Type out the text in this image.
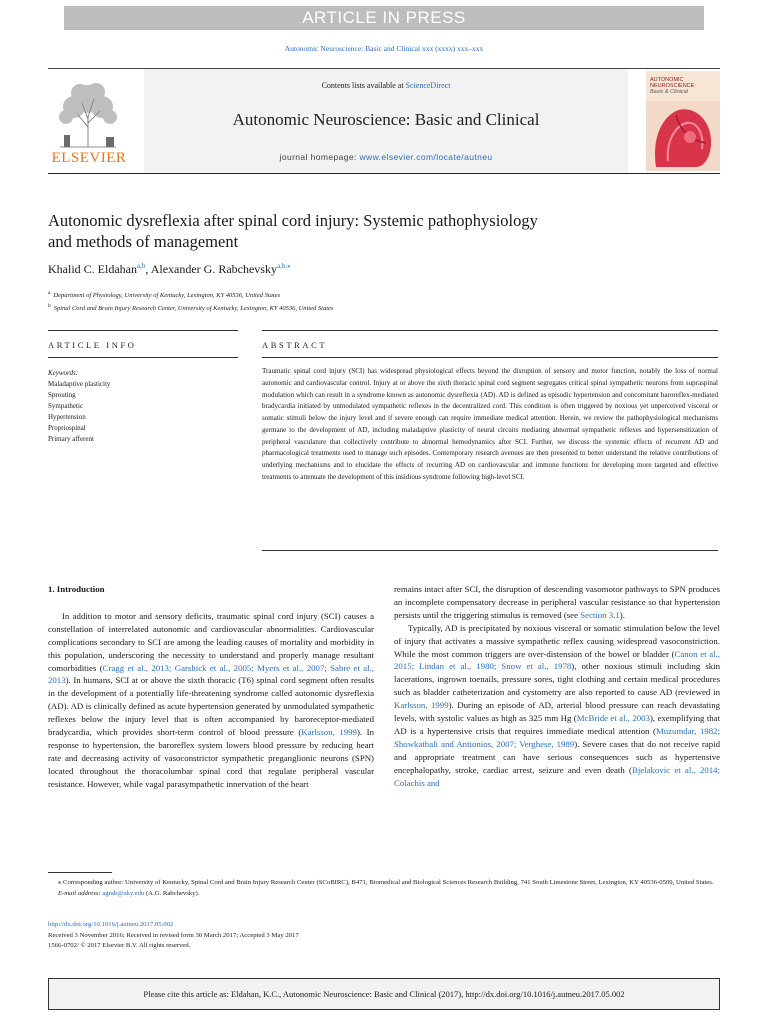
ARTICLE IN PRESS
Autonomic Neuroscience: Basic and Clinical xxx (xxxx) xxx–xxx
ELSEVIER
Contents lists available at ScienceDirect
Autonomic Neuroscience: Basic and Clinical
journal homepage: www.elsevier.com/locate/autneu
AUTONOMIC
NEUROSCIENCE:
Basic & Clinical
Autonomic dysreflexia after spinal cord injury: Systemic pathophysiology
and methods of management
Khalid C. Eldahan$^{a,b}$, Alexander G. Rabchevsky$^{a,b,⁎}$
$^a$ Department of Physiology, University of Kentucky, Lexington, KY 40536, United States
$^b$ Spinal Cord and Brain Injury Research Center, University of Kentucky, Lexington, KY 40536, United States
ARTICLE INFO	ABSTRACT
Keywords:
Maladaptive plasticity
Sprouting
Sympathetic
Hypertension
Propriospinal
Primary afferent
Traumatic spinal cord injury (SCI) has widespread physiological effects beyond the disruption of sensory and motor function, notably the loss of normal autonomic and cardiovascular control. Injury at or above the sixth thoracic spinal cord segment segregates critical spinal sympathetic neurons from supraspinal modulation which can result in a syndrome known as autonomic dysreflexia (AD). AD is defined as episodic hypertension and concomitant baroreflex-mediated bradycardia initiated by unmodulated sympathetic reflexes in the decentralized cord. This condition is often triggered by noxious yet unperceived visceral or somatic stimuli below the injury level and if severe enough can require immediate medical attention. Herein, we review the pathophysiological mechanisms germane to the development of AD, including maladaptive plasticity of neural circuits mediating abnormal sympathetic reflexes and hypersensitization of peripheral vasculature that collectively contribute to abnormal hemodynamics after SCI. Further, we discuss the systemic effects of recurrent AD and pharmacological treatments used to manage such episodes. Contemporary research avenues are then presented to better understand the relative contributions of underlying mechanisms and to elucidate the effects of recurring AD on cardiovascular and immune functions for developing more targeted and effective treatments to attenuate the development of this insidious syndrome following high-level SCI.
1. Introduction

In addition to motor and sensory deficits, traumatic spinal cord injury (SCI) causes a constellation of interrelated autonomic and cardiovascular abnormalities. Cardiovascular complications secondary to SCI are among the leading causes of mortality and morbidity in this population, underscoring the necessity to understand and properly manage resultant comorbidities (Cragg et al., 2013; Garshick et al., 2005; Myers et al., 2007; Sabre et al., 2013). In humans, SCI at or above the sixth thoracic (T6) spinal cord segment often results in the development of a potentially life-threatening syndrome called autonomic dysreflexia (AD). AD is clinically defined as acute hypertension generated by unmodulated sympathetic reflexes below the injury level that is often accompanied by baroreceptor-mediated bradycardia, which provides short-term control of blood pressure (Karlsson, 1999). In response to hypertension, the baroreflex system lowers blood pressure by reducing heart rate and decreasing activity of vasoconstrictor sympathetic preganglionic neurons (SPN) located throughout the thoracolumbar spinal cord that regulate peripheral vascular resistance. However, while vagal parasympathetic innervation of the heart

remains intact after SCI, the disruption of descending vasomotor pathways to SPN produces an incomplete compensatory decrease in peripheral vascular resistance so that hypertension persists until the triggering stimulus is removed (see Section 3.1).

Typically, AD is precipitated by noxious visceral or somatic stimulation below the level of injury that activates a massive sympathetic reflex causing widespread vasoconstriction. While the most common triggers are over-distension of the bowel or bladder (Canon et al., 2015; Lindan et al., 1980; Snow et al., 1978), other noxious stimuli including skin lacerations, ingrown toenails, pressure sores, tight clothing and certain medical procedures such as bladder catheterization and cystometry are also reported to cause AD (reviewed in Karlsson, 1999). During an episode of AD, arterial blood pressure can reach devastating levels, with systolic values as high as 325 mm Hg (McBride et al., 2003), exemplifying that AD is a hypertensive crisis that requires immediate medical attention (Muzumdar, 1982; Showkathali and Antionios, 2007; Verghese, 1989). Severe cases that do not receive rapid and appropriate treatment can have serious consequences such as hypertensive encephalopathy, stroke, cardiac arrest, seizure and even death (Bjelakovic et al., 2014; Colachis and

⁎ Corresponding author: University of Kentucky, Spinal Cord and Brain Injury Research Center (SCoBIRC), B471, Biomedical and Biological Sciences Research Building, 741 South Limestone Street, Lexington, KY 40536-0509, United States.
E-mail address: agrab@uky.edu (A.G. Rabchevsky).
http://dx.doi.org/10.1016/j.autneu.2017.05.002
Received 3 November 2016; Received in revised form 30 March 2017; Accepted 3 May 2017
1566-0702/ © 2017 Elsevier B.V. All rights reserved.
Please cite this article as: Eldahan, K.C., Autonomic Neuroscience: Basic and Clinical (2017), http://dx.doi.org/10.1016/j.autneu.2017.05.002
